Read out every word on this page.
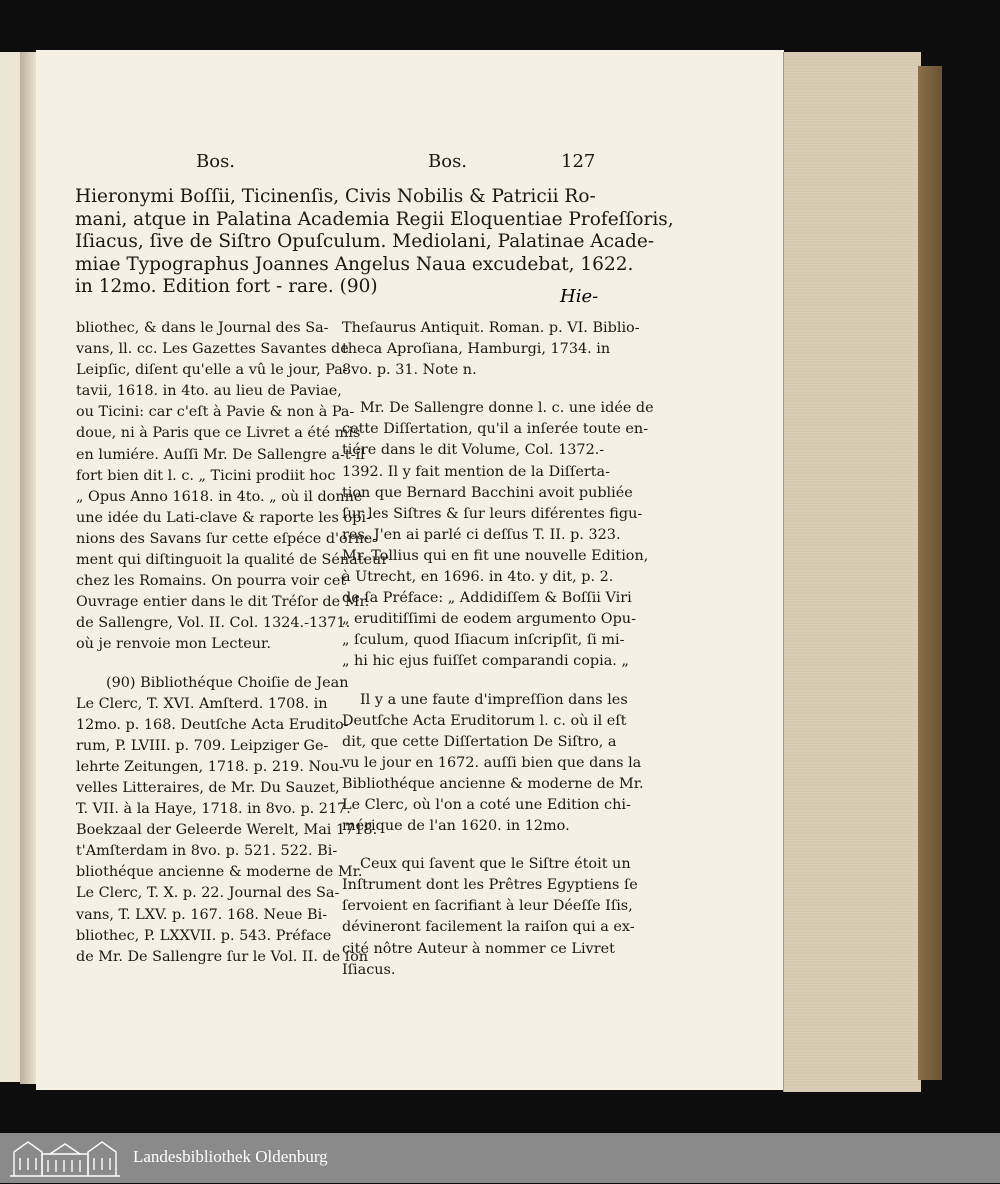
Bos.	Bos.	127
Hieronymi Boſſii, Ticinenſis, Civis Nobilis & Patricii Ro-
mani, atque in Palatina Academia Regii Eloquentiae Profeſſoris,
Iſiacus, ſive de Siſtro Opuſculum. Mediolani, Palatinae Acade-
miae Typographus Joannes Angelus Naua excudebat, 1622.
in 12mo. Edition fort - rare. (90)	Hie-
bliothec, & dans le Journal des Sa-
vans, ll. cc. Les Gazettes Savantes de
Leipſic, diſent qu'elle a vû le jour, Pa-
tavii, 1618. in 4to. au lieu de Paviae,
ou Ticini: car c'eſt à Pavie & non à Pa-
doue, ni à Paris que ce Livret a été mis
en lumiére. Auſſi Mr. De Sallengre a-t-il
fort bien dit l. c. „ Ticini prodiit hoc
„ Opus Anno 1618. in 4to. „ où il donne
une idée du Lati-clave & raporte les opi-
nions des Savans ſur cette eſpéce d'orne-
ment qui diſtinguoit la qualité de Sénateur
chez les Romains. On pourra voir cet
Ouvrage entier dans le dit Tréſor de Mr.
de Sallengre, Vol. II. Col. 1324.-1371.
où je renvoie mon Lecteur.
(90) Bibliothéque Choiſie de Jean
Le Clerc, T. XVI. Amſterd. 1708. in
12mo. p. 168. Deutſche Acta Eruditо-
rum, P. LVIII. p. 709. Leipziger Ge-
lehrte Zeitungen, 1718. p. 219. Nou-
velles Litteraires, de Mr. Du Sauzet,
T. VII. à la Haye, 1718. in 8vo. p. 217.
Boekzaal der Geleerde Werelt, Mai 1718.
t'Amſterdam in 8vo. p. 521. 522. Bi-
bliothéque ancienne & moderne de Mr.
Le Clerc, T. X. p. 22. Journal des Sa-
vans, T. LXV. p. 167. 168. Neue Bi-
bliothec, P. LXXVII. p. 543. Préface
de Mr. De Sallengre ſur le Vol. II. de ſon
Theſaurus Antiquit. Roman. p. VI. Biblio-
theca Aproſiana, Hamburgi, 1734. in
8vo. p. 31. Note n.
Mr. De Sallengre donne l. c. une idée de
cette Diſſertation, qu'il a inſerée toute en-
tiére dans le dit Volume, Col. 1372.-
1392. Il y fait mention de la Diſſerta-
tion que Bernard Bacchini avoit publiée
ſur les Siſtres & ſur leurs diférentes figu-
res. J'en ai parlé ci deſſus T. II. p. 323.
Mr. Tollius qui en fit une nouvelle Edition,
à Utrecht, en 1696. in 4to. y dit, p. 2.
de ſa Préface: „ Addidiſſem & Boſſii Viri
„ eruditiſſimi de eodem argumento Opu-
„ ſculum, quod Iſiacum inſcripſit, ſi mi-
„ hi hic ejus fuiſſet comparandi copia. „
Il y a une faute d'impreſſion dans les
Deutſche Acta Eruditorum l. c. où il eſt
dit, que cette Diſſertation De Siſtro, a
vu le jour en 1672. auſſi bien que dans la
Bibliothéque ancienne & moderne de Mr.
Le Clerc, où l'on a coté une Edition chi-
mérique de l'an 1620. in 12mo.
Ceux qui ſavent que le Siſtre étoit un
Inſtrument dont les Prêtres Egyptiens ſe
ſervoient en ſacrifiant à leur Déeſſe Iſis,
dévineront facilement la raiſon qui a ex-
cité nôtre Auteur à nommer ce Livret
Iſiacus.
Landesbibliothek Oldenburg
